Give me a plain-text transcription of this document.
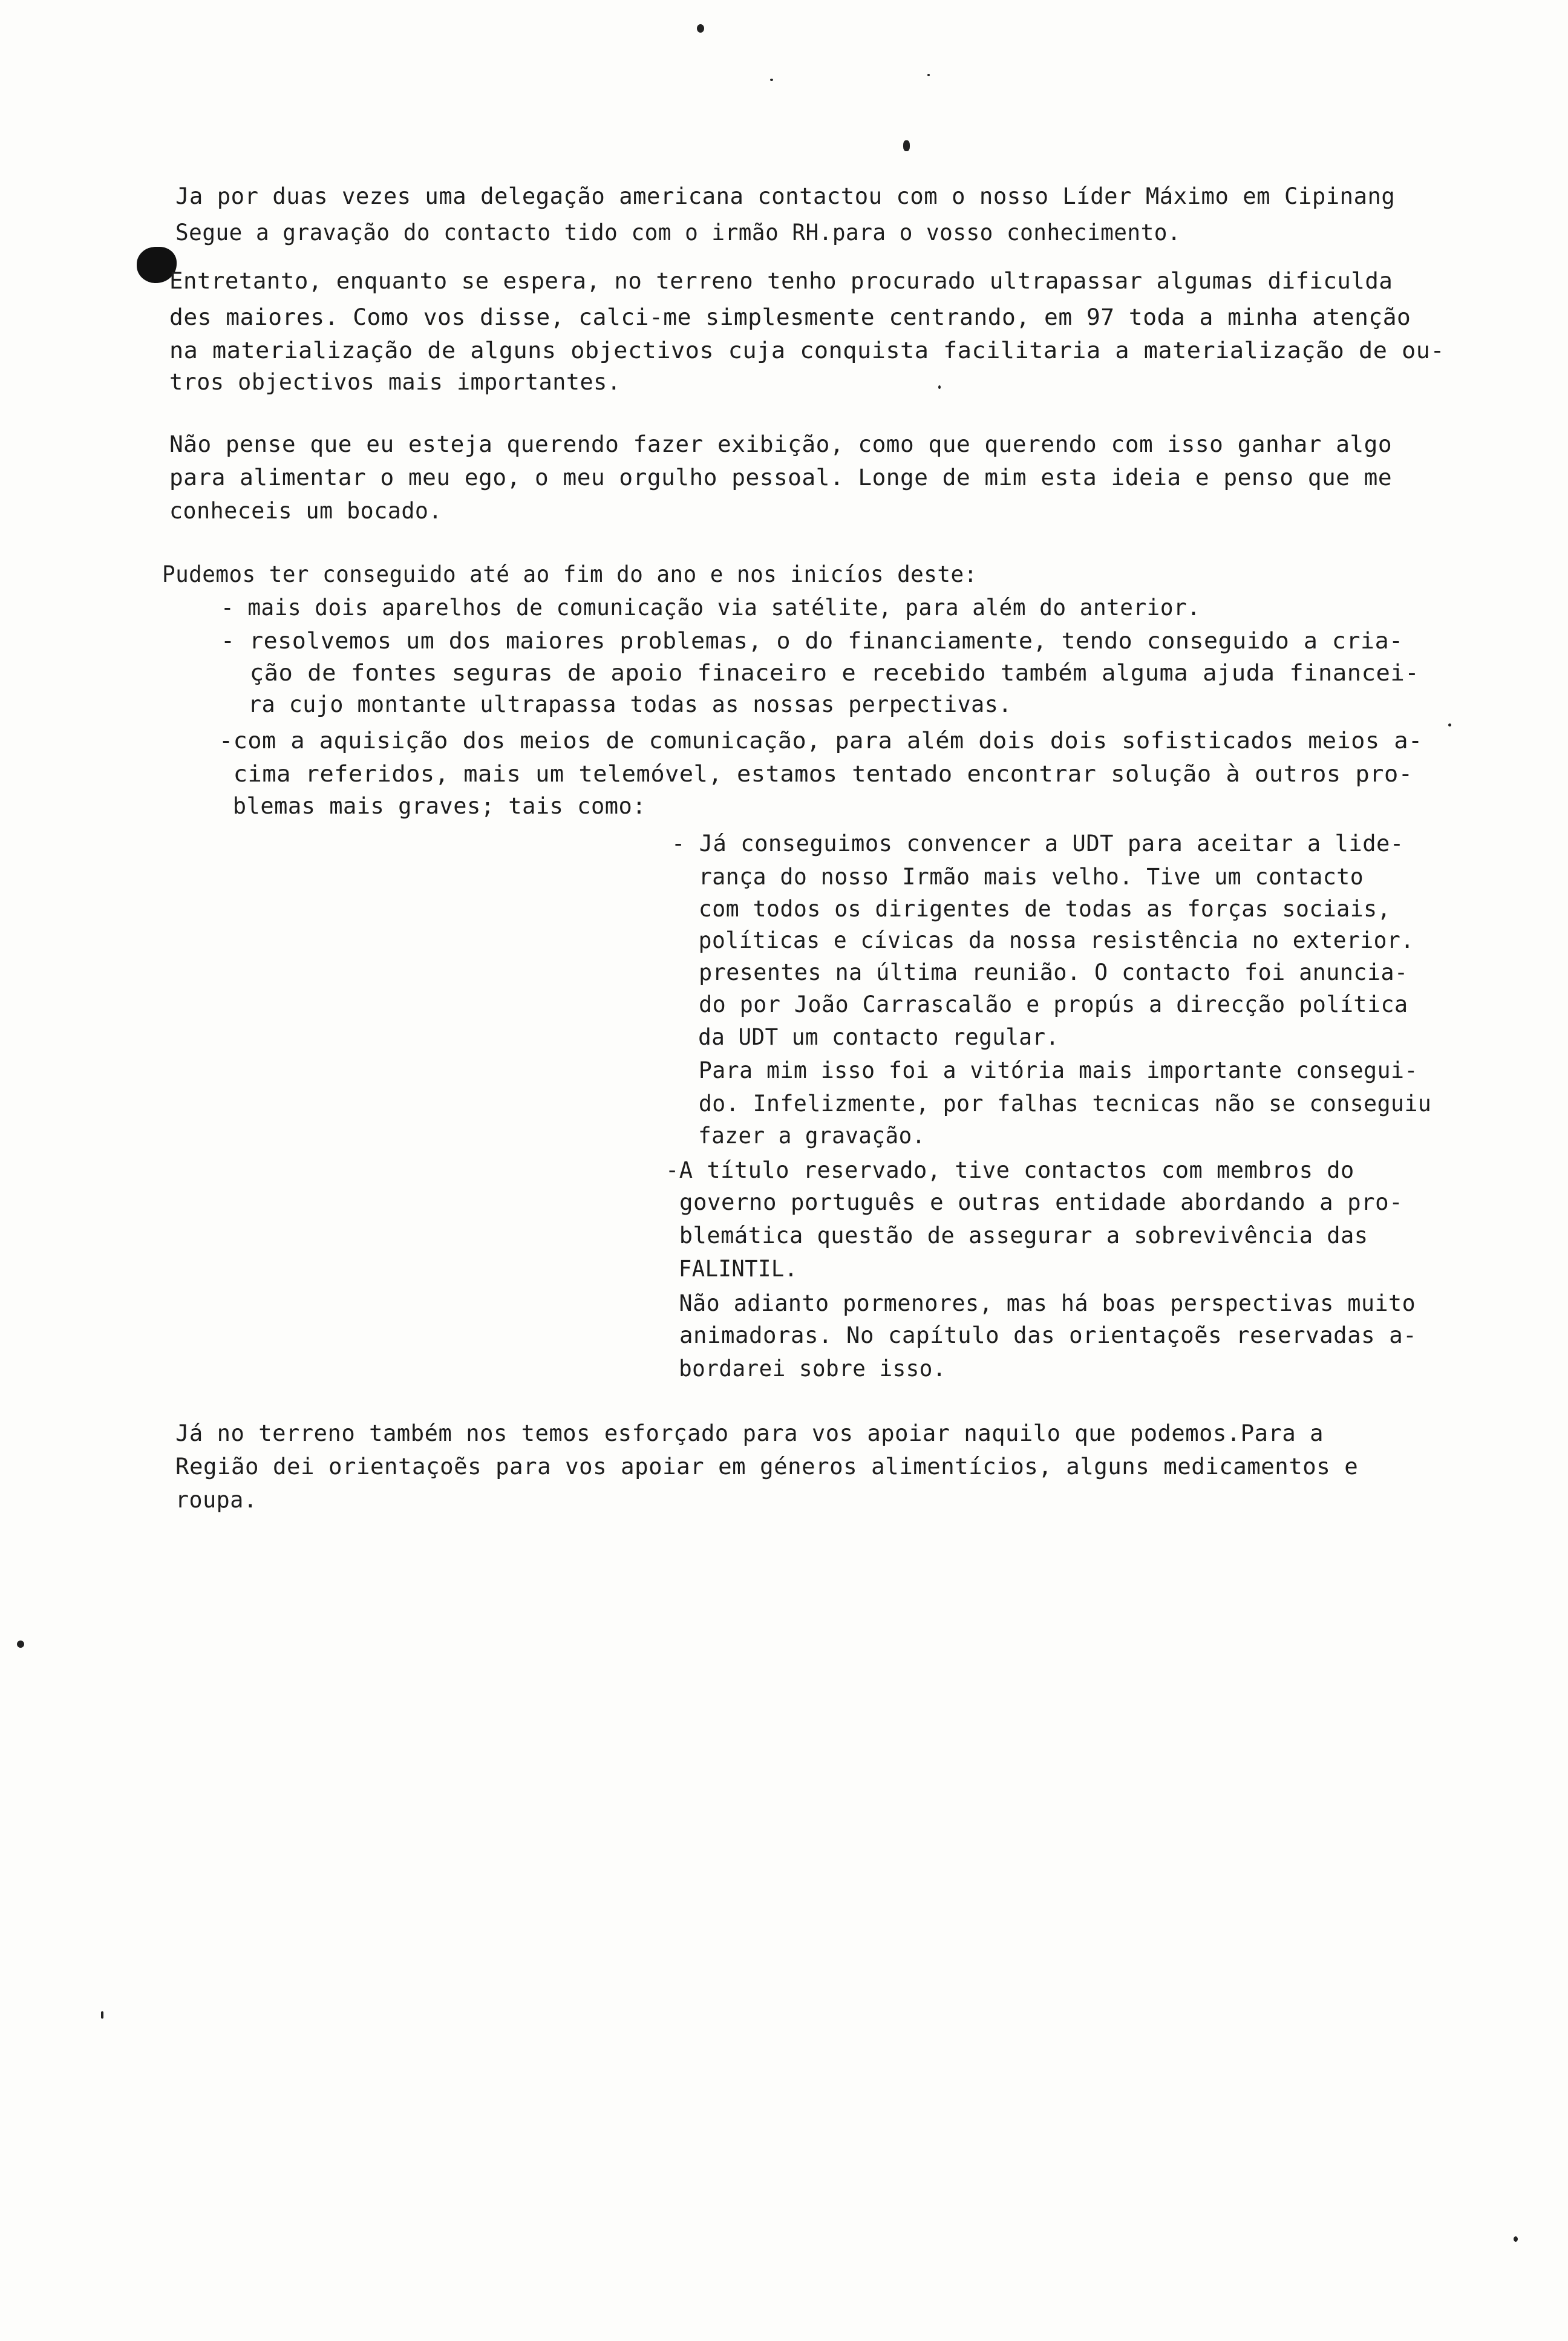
Ja por duas vezes uma delegação americana contactou com o nosso Líder Máximo em Cipinang
Segue a gravação do contacto tido com o irmão RH.para o vosso conhecimento.
Entretanto, enquanto se espera, no terreno tenho procurado ultrapassar algumas dificulda
des maiores. Como vos disse, calci-me simplesmente centrando, em 97 toda a minha atenção
na materialização de alguns objectivos cuja conquista facilitaria a materialização de ou-
tros objectivos mais importantes.
Não pense que eu esteja querendo fazer exibição, como que querendo com isso ganhar algo
para alimentar o meu ego, o meu orgulho pessoal. Longe de mim esta ideia e penso que me
conheceis um bocado.
Pudemos ter conseguido até ao fim do ano e nos inicíos deste:
- mais dois aparelhos de comunicação via satélite, para além do anterior.
- resolvemos um dos maiores problemas, o do financiamente, tendo conseguido a cria-
ção de fontes seguras de apoio finaceiro e recebido também alguma ajuda financei-
ra cujo montante ultrapassa todas as nossas perpectivas.
-com a aquisição dos meios de comunicação, para além dois dois sofisticados meios a-
cima referidos, mais um telemóvel, estamos tentado encontrar solução à outros pro-
blemas mais graves; tais como:
- Já conseguimos convencer a UDT para aceitar a lide-
rança do nosso Irmão mais velho. Tive um contacto
com todos os dirigentes de todas as forças sociais,
políticas e cívicas da nossa resistência no exterior.
presentes na última reunião. O contacto foi anuncia-
do por João Carrascalão e propús a direcção política
da UDT um contacto regular.
Para mim isso foi a vitória mais importante consegui-
do. Infelizmente, por falhas tecnicas não se conseguiu
fazer a gravação.
-A título reservado, tive contactos com membros do
governo português e outras entidade abordando a pro-
blemática questão de assegurar a sobrevivência das
FALINTIL.
Não adianto pormenores, mas há boas perspectivas muito
animadoras. No capítulo das orientaçoẽs reservadas a-
bordarei sobre isso.
Já no terreno também nos temos esforçado para vos apoiar naquilo que podemos.Para a
Região dei orientaçoẽs para vos apoiar em géneros alimentícios, alguns medicamentos e
roupa.
